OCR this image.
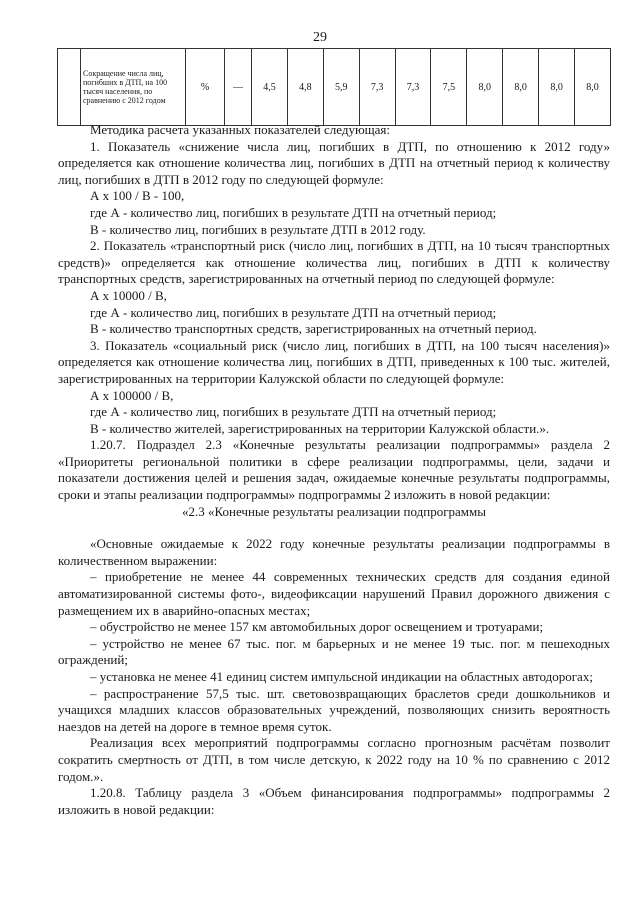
29
	Сокращение числа лиц, погибших в ДТП, на 100 тысяч населения, по сравнению с 2012 годом	%	—	4,5	4,8	5,9	7,3	7,3	7,5	8,0	8,0	8,0	8,0

Методика расчета указанных показателей следующая:

1. Показатель «снижение числа лиц, погибших в ДТП, по отношению к 2012 году» определяется как отношение количества лиц, погибших в ДТП на отчетный период к количеству лиц, погибших в ДТП в 2012 году по следующей формуле:

А x 100 / В - 100,

где А - количество лиц, погибших в результате ДТП на отчетный период;

В - количество лиц, погибших в результате ДТП в 2012 году.

2. Показатель «транспортный риск (число лиц, погибших в ДТП, на 10 тысяч транспортных средств)» определяется как отношение количества лиц, погибших в ДТП к количеству транспортных средств, зарегистрированных на отчетный период по следующей формуле:

А x 10000 / В,

где А - количество лиц, погибших в результате ДТП на отчетный период;

В - количество транспортных средств, зарегистрированных на отчетный период.

3. Показатель «социальный риск (число лиц, погибших в ДТП, на 100 тысяч населения)» определяется как отношение количества лиц, погибших в ДТП, приведенных к 100 тыс. жителей, зарегистрированных на территории Калужской области по следующей формуле:

А x 100000 / В,

где А - количество лиц, погибших в результате ДТП на отчетный период;

В - количество жителей, зарегистрированных на территории Калужской области.».

1.20.7. Подраздел 2.3 «Конечные результаты реализации подпрограммы» раздела 2 «Приоритеты региональной политики в сфере реализации подпрограммы, цели, задачи и показатели достижения целей и решения задач, ожидаемые конечные результаты подпрограммы, сроки и этапы реализации подпрограммы» подпрограммы 2 изложить в новой редакции:

«2.3 «Конечные результаты реализации подпрограммы

«Основные ожидаемые к 2022 году конечные результаты реализации подпрограммы в количественном выражении:

– приобретение не менее 44 современных технических средств для создания единой автоматизированной системы фото-, видеофиксации нарушений Правил дорожного движения с размещением их в аварийно-опасных местах;

– обустройство не менее 157 км автомобильных дорог освещением и тротуарами;

– устройство не менее 67 тыс. пог. м барьерных и не менее 19 тыс. пог. м пешеходных ограждений;

– установка не менее 41 единиц систем импульсной индикации на областных автодорогах;

– распространение 57,5 тыс. шт. световозвращающих браслетов среди дошкольников и учащихся младших классов образовательных учреждений, позволяющих снизить вероятность наездов на детей на дороге в темное время суток.

Реализация всех мероприятий подпрограммы согласно прогнозным расчётам позволит сократить смертность от ДТП, в том числе детскую, к 2022 году на 10 % по сравнению с 2012 годом.».

1.20.8. Таблицу раздела 3 «Объем финансирования подпрограммы» подпрограммы 2 изложить в новой редакции:
